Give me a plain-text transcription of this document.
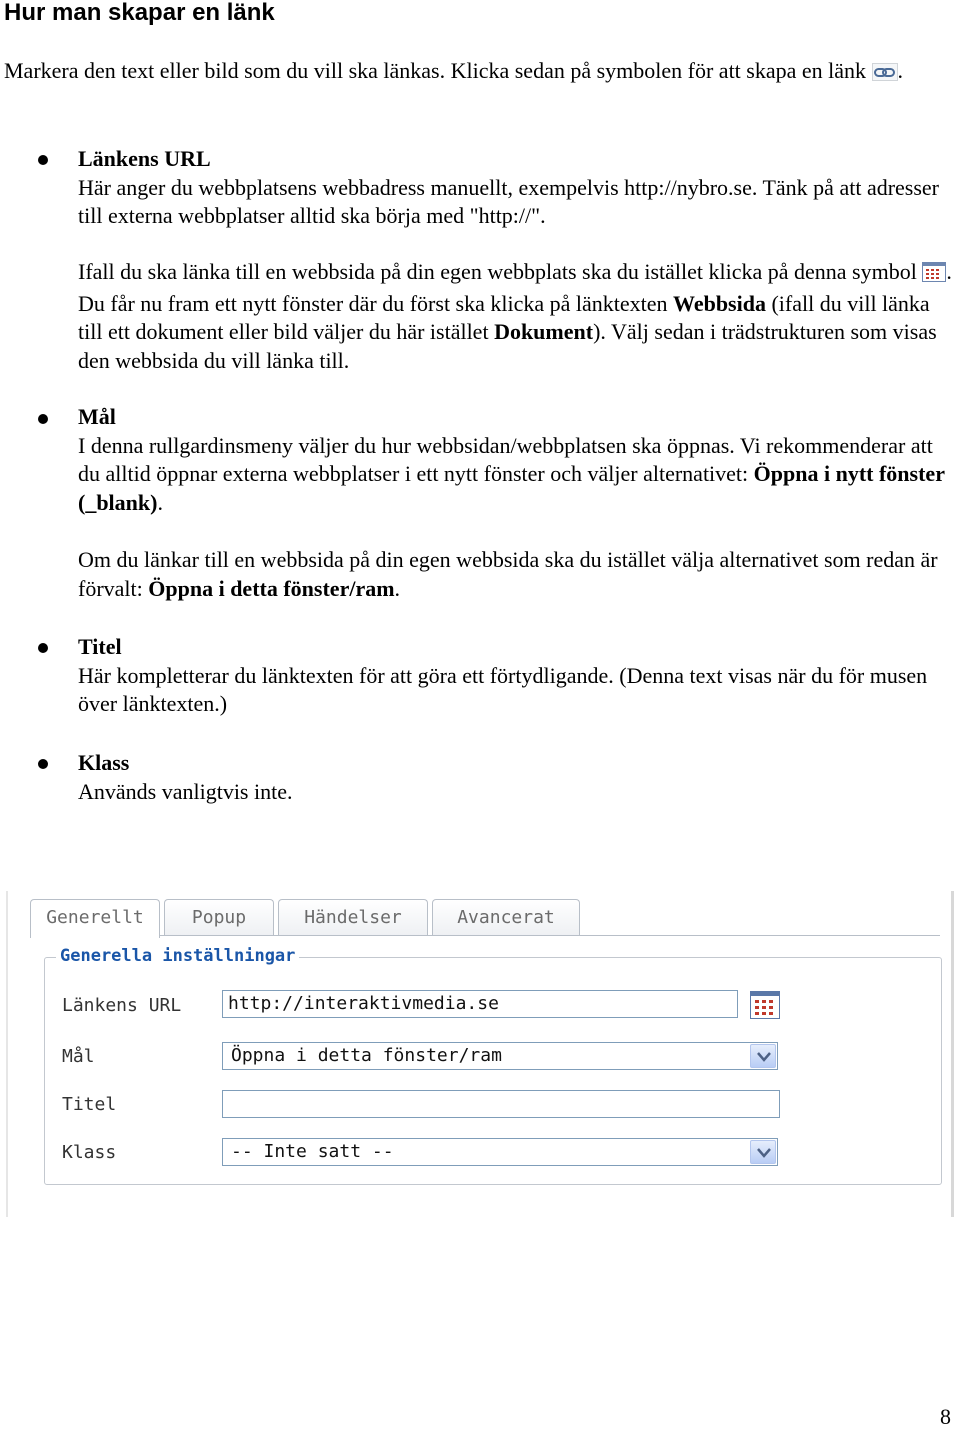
Hur man skapar en länk
Markera den text eller bild som du vill ska länkas. Klicka sedan på symbolen för att skapa en länk .
Länkens URL
Här anger du webbplatsens webbadress manuellt, exempelvis http://nybro.se. Tänk på att adresser till externa webbplatser alltid ska börja med "http://".
Ifall du ska länka till en webbsida på din egen webbplats ska du istället klicka på denna symbol . Du får nu fram ett nytt fönster där du först ska klicka på länktexten Webbsida (ifall du vill länka till ett dokument eller bild väljer du här istället Dokument). Välj sedan i trädstrukturen som visas den webbsida du vill länka till.
Mål
I denna rullgardinsmeny väljer du hur webbsidan/webbplatsen ska öppnas. Vi rekommenderar att du alltid öppnar externa webbplatser i ett nytt fönster och väljer alternativet: Öppna i nytt fönster (_blank).
Om du länkar till en webbsida på din egen webbsida ska du istället välja alternativet som redan är förvalt: Öppna i detta fönster/ram.
Titel
Här kompletterar du länktexten för att göra ett förtydligande. (Denna text visas när du för musen över länktexten.)
Klass
Används vanligtvis inte.
Generellt	Popup	Händelser	Avancerat
Generella inställningar
Länkens URL	http://interaktivmedia.se
Mål	Öppna i detta fönster/ram
Titel
Klass	-- Inte satt --
8
